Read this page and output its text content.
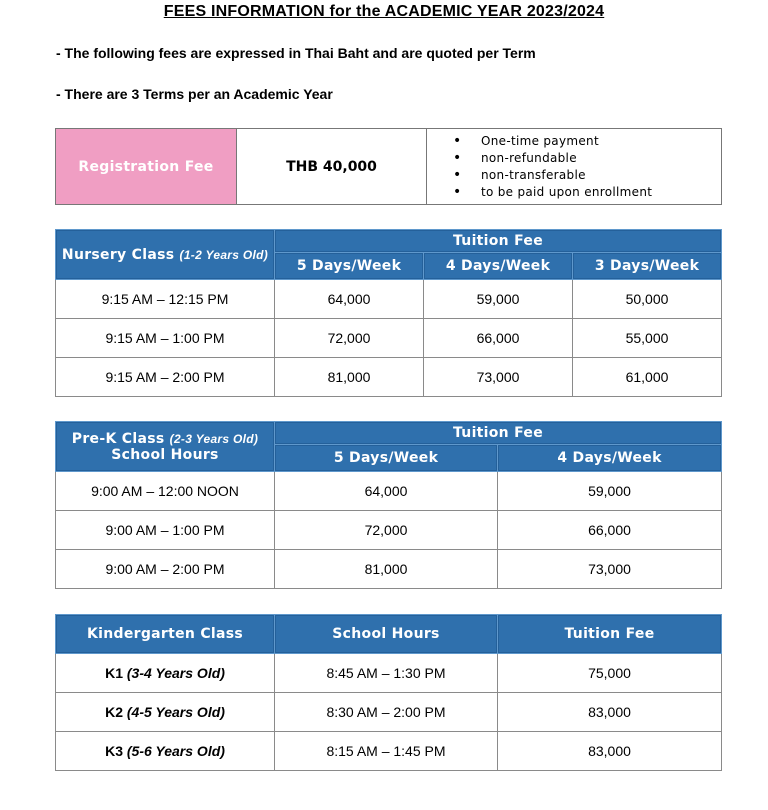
FEES INFORMATION for the ACADEMIC YEAR 2023/2024
- The following fees are expressed in Thai Baht and are quoted per Term
- There are 3 Terms per an Academic Year
Registration Fee	THB 40,000	
• One-time payment
• non-refundable
• non-transferable
• to be paid upon enrollment
Nursery Class (1-2 Years Old)	Tuition Fee		
	5 Days/Week	4 Days/Week	3 Days/Week
9:15 AM – 12:15 PM	64,000	59,000	50,000
9:15 AM – 1:00 PM	72,000	66,000	55,000
9:15 AM – 2:00 PM	81,000	73,000	61,000
Pre-K Class (2-3 Years Old)
School Hours	Tuition Fee	
	5 Days/Week	4 Days/Week
9:00 AM – 12:00 NOON	64,000	59,000
9:00 AM – 1:00 PM	72,000	66,000
9:00 AM – 2:00 PM	81,000	73,000
Kindergarten Class	School Hours	Tuition Fee
K1 (3-4 Years Old)	8:45 AM – 1:30 PM	75,000
K2 (4-5 Years Old)	8:30 AM – 2:00 PM	83,000
K3 (5-6 Years Old)	8:15 AM – 1:45 PM	83,000
